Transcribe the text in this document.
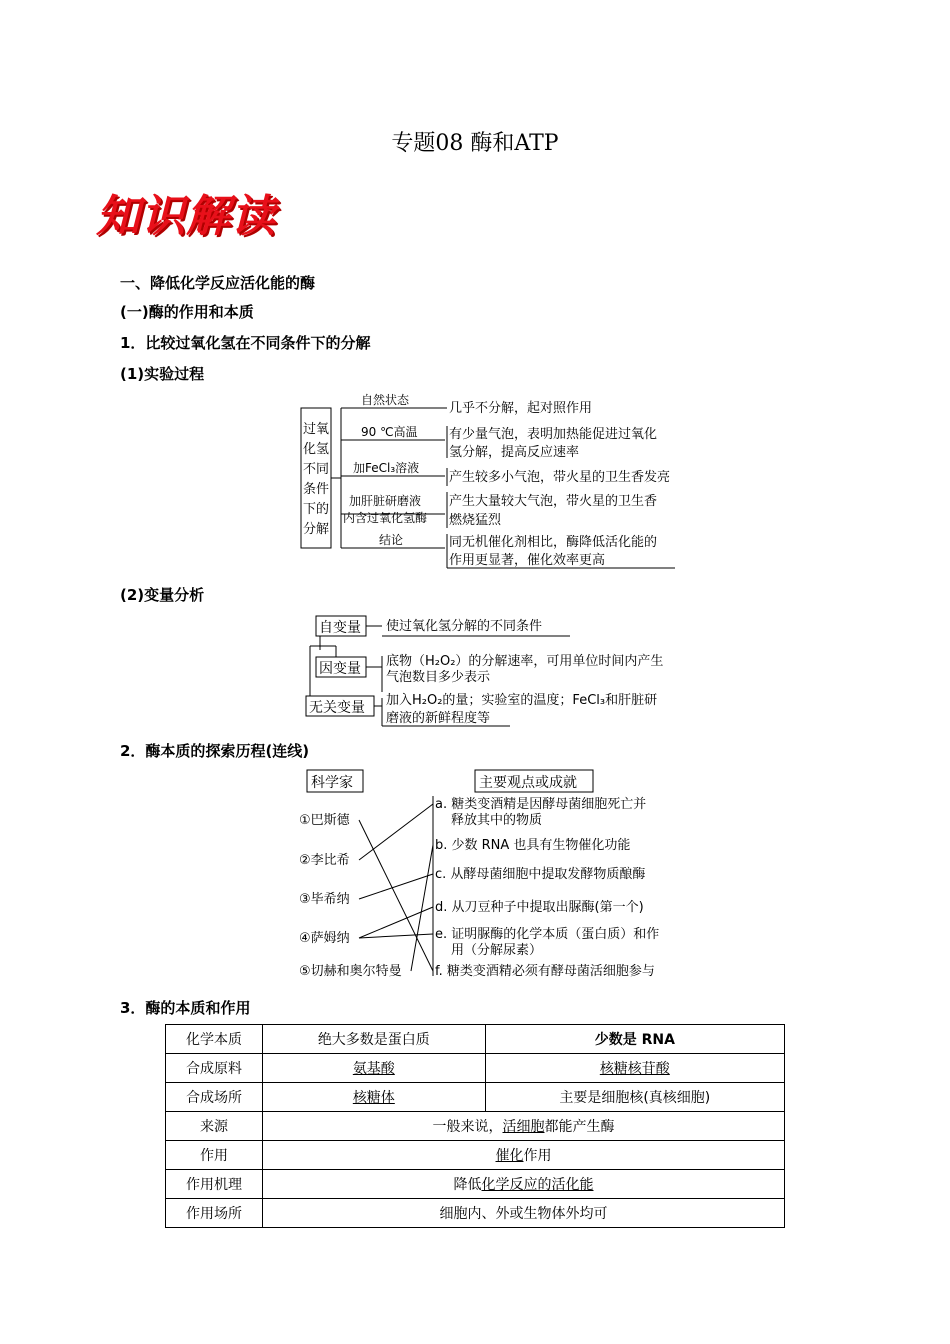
专题08 酶和ATP
知识解读
一、降低化学反应活化能的酶
(一)酶的作用和本质
1．比较过氧化氢在不同条件下的分解
(1)实验过程
过氧
化氢
不同
条件
下的
分解
自然状态
90 ℃高温
加FeCl₃溶液
加肝脏研磨液
内含过氧化氢酶
结论
几乎不分解，起对照作用
有少量气泡，表明加热能促进过氧化
氢分解，提高反应速率
产生较多小气泡，带火星的卫生香发亮
产生大量较大气泡，带火星的卫生香
燃烧猛烈
同无机催化剂相比，酶降低活化能的
作用更显著，催化效率更高
(2)变量分析
自变量
因变量
无关变量
使过氧化氢分解的不同条件
底物（H₂O₂）的分解速率，可用单位时间内产生
气泡数目多少表示
加入H₂O₂的量；实验室的温度；FeCl₃和肝脏研
磨液的新鲜程度等
2．酶本质的探索历程(连线)
科学家	主要观点或成就
①巴斯德
②李比希
③毕希纳
④萨姆纳
⑤切赫和奥尔特曼
a. 糖类变酒精是因酵母菌细胞死亡并
释放其中的物质
b. 少数 RNA 也具有生物催化功能
c. 从酵母菌细胞中提取发酵物质酿酶
d. 从刀豆种子中提取出脲酶(第一个)
e. 证明脲酶的化学本质（蛋白质）和作
用（分解尿素）
f. 糖类变酒精必须有酵母菌活细胞参与
3．酶的本质和作用
化学本质	绝大多数是蛋白质	少数是 RNA
合成原料	氨基酸	核糖核苷酸
合成场所	核糖体	主要是细胞核(真核细胞)
来源	一般来说，活细胞都能产生酶	
作用	催化作用	
作用机理	降低化学反应的活化能	
作用场所	细胞内、外或生物体外均可	
